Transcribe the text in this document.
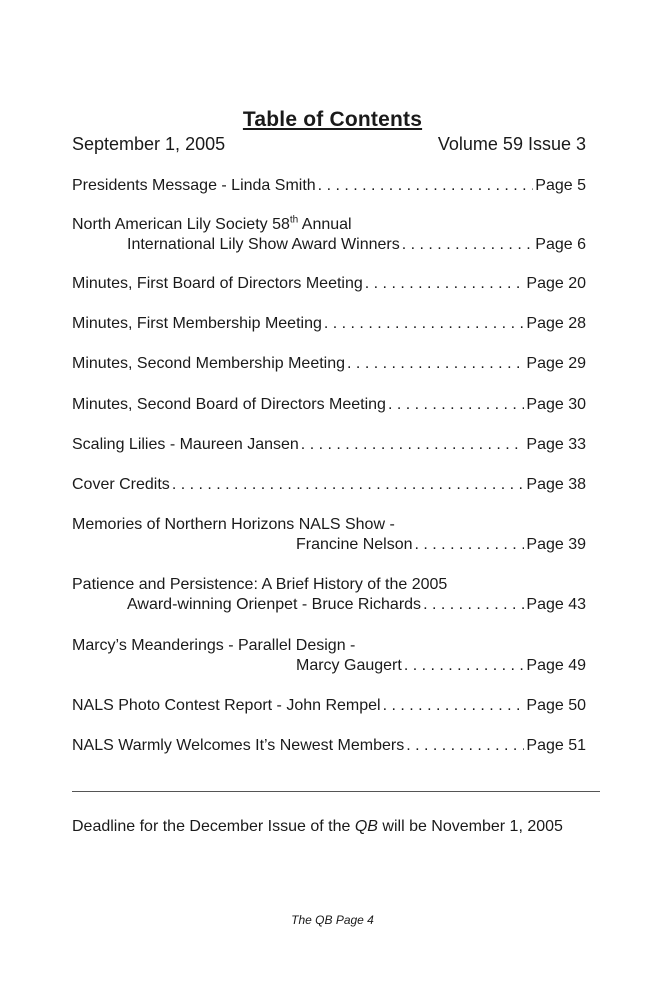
Table of Contents
September 1, 2005	Volume 59 Issue 3
Presidents Message - Linda Smith . . .	Page 5
North American Lily Society 58th Annual
International Lily Show Award Winners . . .	Page 6
Minutes, First Board of Directors Meeting . . .	Page 20
Minutes, First Membership Meeting . . .	Page 28
Minutes, Second Membership Meeting . . .	Page 29
Minutes, Second Board of Directors Meeting . . .	Page 30
Scaling Lilies - Maureen Jansen . . .	Page 33
Cover Credits . . .	Page 38
Memories of Northern Horizons NALS Show -
Francine Nelson . . .	Page 39
Patience and Persistence: A Brief History of the 2005
Award-winning Orienpet - Bruce Richards . . .	Page 43
Marcy’s Meanderings - Parallel Design -
Marcy Gaugert . . .	Page 49
NALS Photo Contest Report - John Rempel . . .	Page 50
NALS Warmly Welcomes It’s Newest Members . . .	Page 51
Deadline for the December Issue of the QB will be November 1, 2005
The QB Page 4
